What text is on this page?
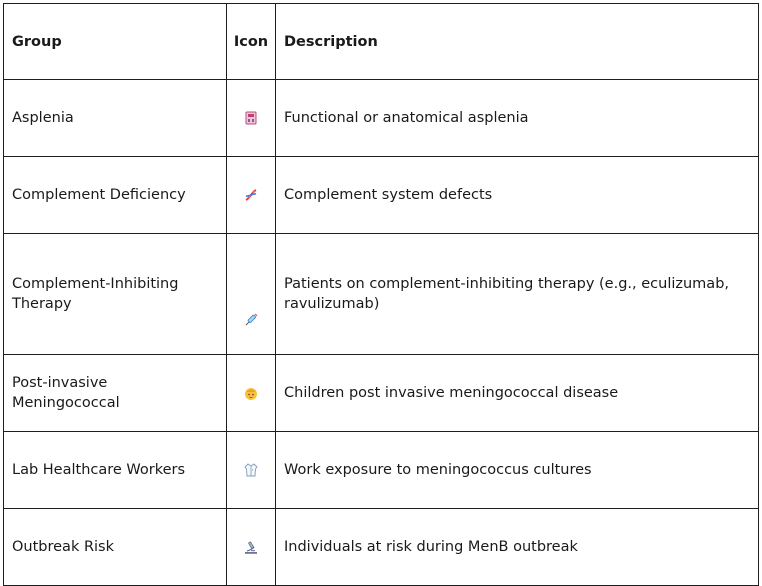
Group	Icon	Description
Asplenia		Functional or anatomical asplenia
Complement Deficiency		Complement system defects
Complement-Inhibiting Therapy		Patients on complement-inhibiting therapy (e.g., eculizumab, ravulizumab)
Post-invasive Meningococcal		Children post invasive meningococcal disease
Lab Healthcare Workers		Work exposure to meningococcus cultures
Outbreak Risk		Individuals at risk during MenB outbreak
